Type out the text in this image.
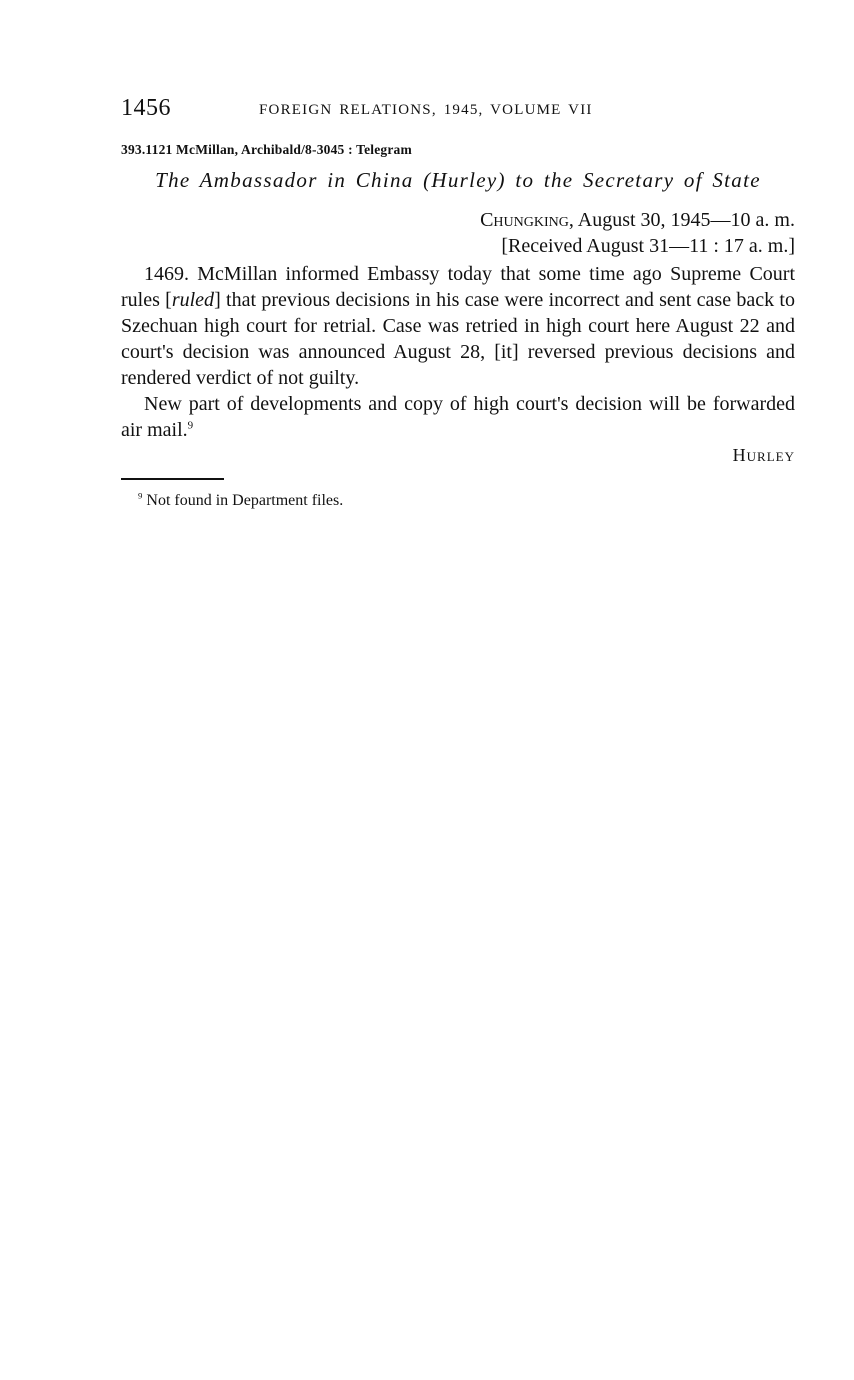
1456	FOREIGN RELATIONS, 1945, VOLUME VII
393.1121 McMillan, Archibald/8-3045 : Telegram
The Ambassador in China (Hurley) to the Secretary of State
Chungking, August 30, 1945—10 a. m.
[Received August 31—11 : 17 a. m.]

1469. McMillan informed Embassy today that some time ago Supreme Court rules [ruled] that previous decisions in his case were incorrect and sent case back to Szechuan high court for retrial. Case was retried in high court here August 22 and court's decision was announced August 28, [it] reversed previous decisions and rendered verdict of not guilty.

New part of developments and copy of high court's decision will be forwarded air mail.$^9$

Hurley
$^9$ Not found in Department files.
